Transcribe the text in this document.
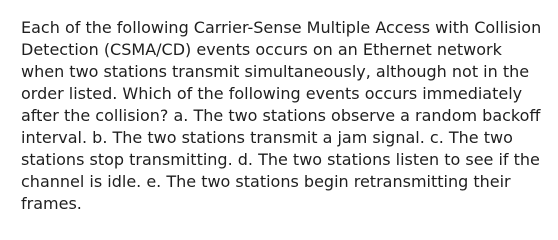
Each of the following Carrier-Sense Multiple Access with Collision
Detection (CSMA/CD) events occurs on an Ethernet network
when two stations transmit simultaneously, although not in the
order listed. Which of the following events occurs immediately
after the collision? a. The two stations observe a random backoff
interval. b. The two stations transmit a jam signal. c. The two
stations stop transmitting. d. The two stations listen to see if the
channel is idle. e. The two stations begin retransmitting their
frames.
